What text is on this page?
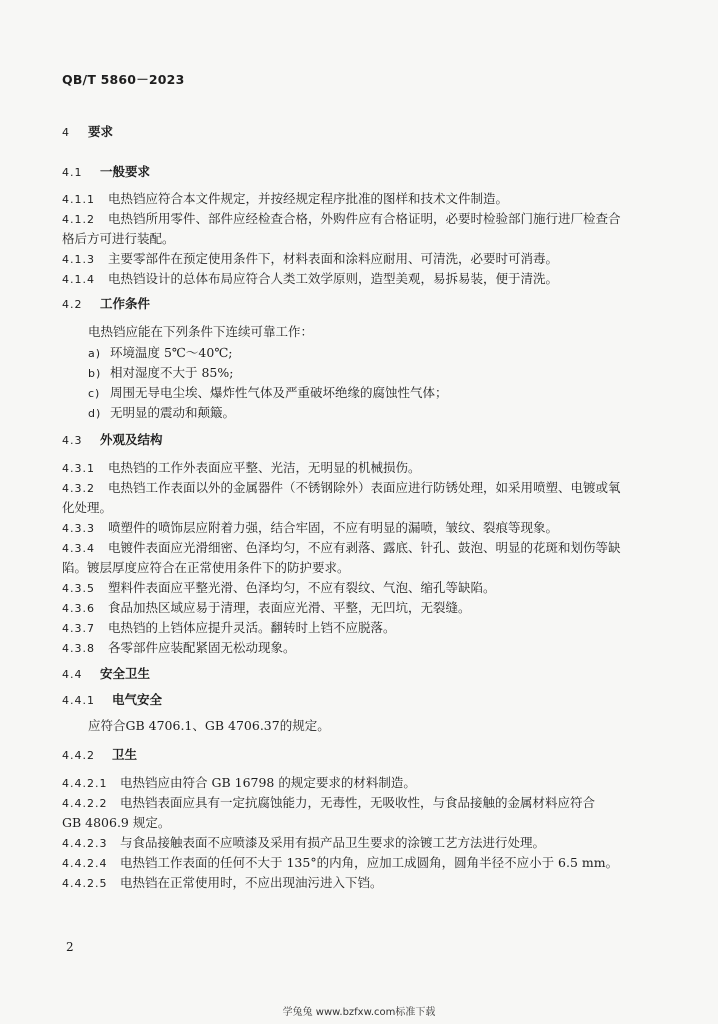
QB/T 5860－2023
4 要求
4.1 一般要求
4.1.1 电热铛应符合本文件规定，并按经规定程序批准的图样和技术文件制造。
4.1.2 电热铛所用零件、部件应经检查合格，外购件应有合格证明，必要时检验部门施行进厂检查合
格后方可进行装配。
4.1.3 主要零部件在预定使用条件下，材料表面和涂料应耐用、可清洗，必要时可消毒。
4.1.4 电热铛设计的总体布局应符合人类工效学原则，造型美观，易拆易装，便于清洗。
4.2 工作条件
电热铛应能在下列条件下连续可靠工作：
a) 环境温度 5℃～40℃;
b) 相对湿度不大于 85%;
c) 周围无导电尘埃、爆炸性气体及严重破坏绝缘的腐蚀性气体；
d) 无明显的震动和颠簸。
4.3 外观及结构
4.3.1 电热铛的工作外表面应平整、光洁，无明显的机械损伤。
4.3.2 电热铛工作表面以外的金属器件（不锈钢除外）表面应进行防锈处理，如采用喷塑、电镀或氧
化处理。
4.3.3 喷塑件的喷饰层应附着力强，结合牢固，不应有明显的漏喷，皱纹、裂痕等现象。
4.3.4 电镀件表面应光滑细密、色泽均匀，不应有剥落、露底、针孔、鼓泡、明显的花斑和划伤等缺
陷。镀层厚度应符合在正常使用条件下的防护要求。
4.3.5 塑料件表面应平整光滑、色泽均匀，不应有裂纹、气泡、缩孔等缺陷。
4.3.6 食品加热区域应易于清理，表面应光滑、平整，无凹坑，无裂缝。
4.3.7 电热铛的上铛体应提升灵活。翻转时上铛不应脱落。
4.3.8 各零部件应装配紧固无松动现象。
4.4 安全卫生
4.4.1 电气安全
应符合GB 4706.1、GB 4706.37的规定。
4.4.2 卫生
4.4.2.1 电热铛应由符合 GB 16798 的规定要求的材料制造。
4.4.2.2 电热铛表面应具有一定抗腐蚀能力，无毒性，无吸收性，与食品接触的金属材料应符合
GB 4806.9 规定。
4.4.2.3 与食品接触表面不应喷漆及采用有损产品卫生要求的涂镀工艺方法进行处理。
4.4.2.4 电热铛工作表面的任何不大于 135°的内角，应加工成圆角，圆角半径不应小于 6.5 mm。
4.4.2.5 电热铛在正常使用时，不应出现油污进入下铛。
2
学兔兔 www.bzfxw.com标准下载
